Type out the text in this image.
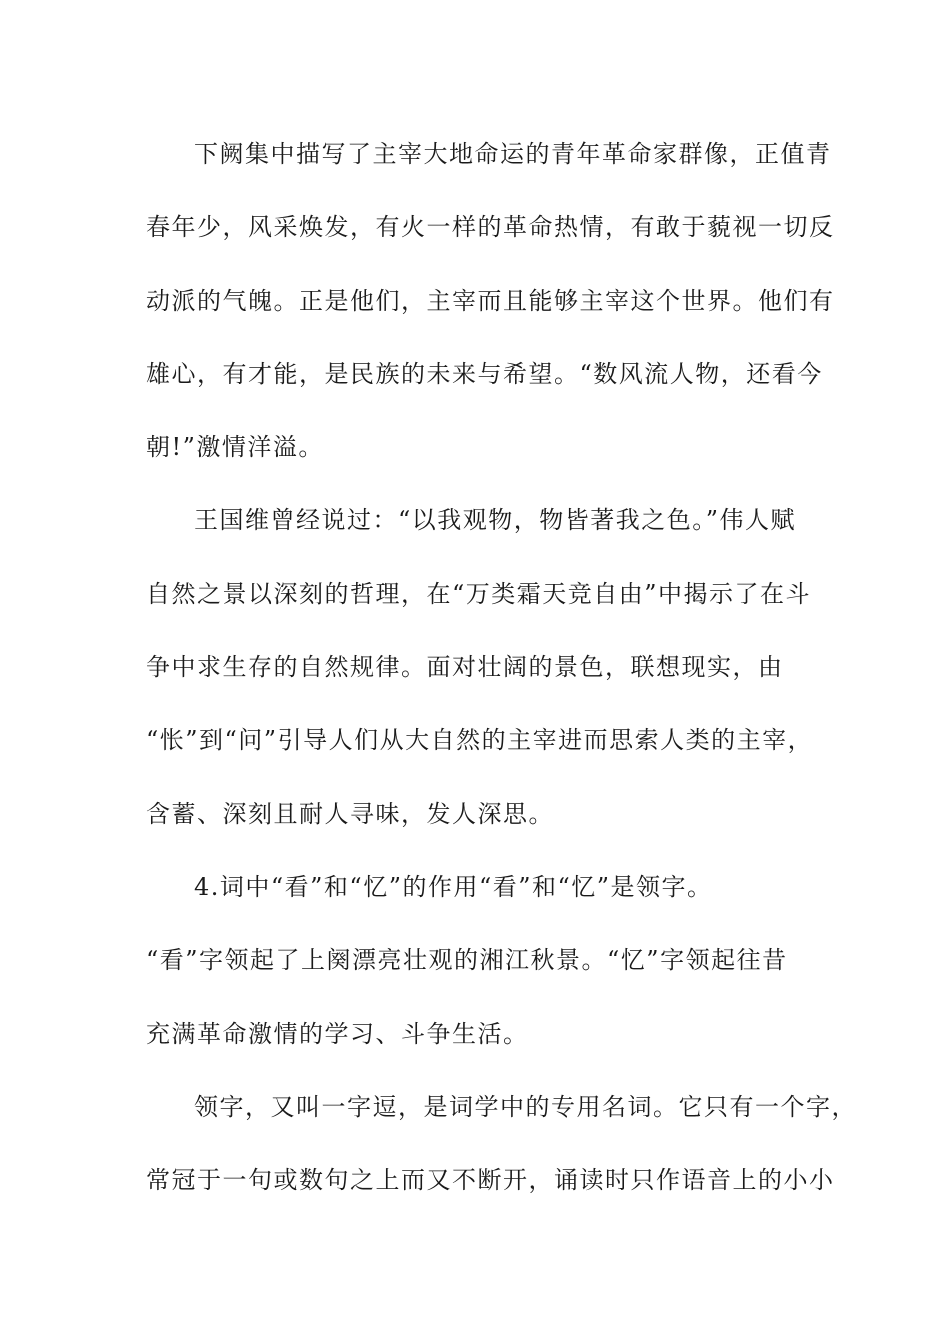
下阙集中描写了主宰大地命运的青年革命家群像，正值青
春年少，风采焕发，有火一样的革命热情，有敢于藐视一切反
动派的气魄。正是他们，主宰而且能够主宰这个世界。他们有
雄心，有才能，是民族的未来与希望。“数风流人物，还看今
朝!”激情洋溢。
王国维曾经说过：“以我观物，物皆著我之色。”伟人赋
自然之景以深刻的哲理，在“万类霜天竞自由”中揭示了在斗
争中求生存的自然规律。面对壮阔的景色，联想现实，由
“怅”到“问”引导人们从大自然的主宰进而思索人类的主宰，
含蓄、深刻且耐人寻味，发人深思。
4.词中“看”和“忆”的作用“看”和“忆”是领字。
“看”字领起了上阕漂亮壮观的湘江秋景。“忆”字领起往昔
充满革命激情的学习、斗争生活。
领字，又叫一字逗，是词学中的专用名词。它只有一个字，
常冠于一句或数句之上而又不断开，诵读时只作语音上的小小
